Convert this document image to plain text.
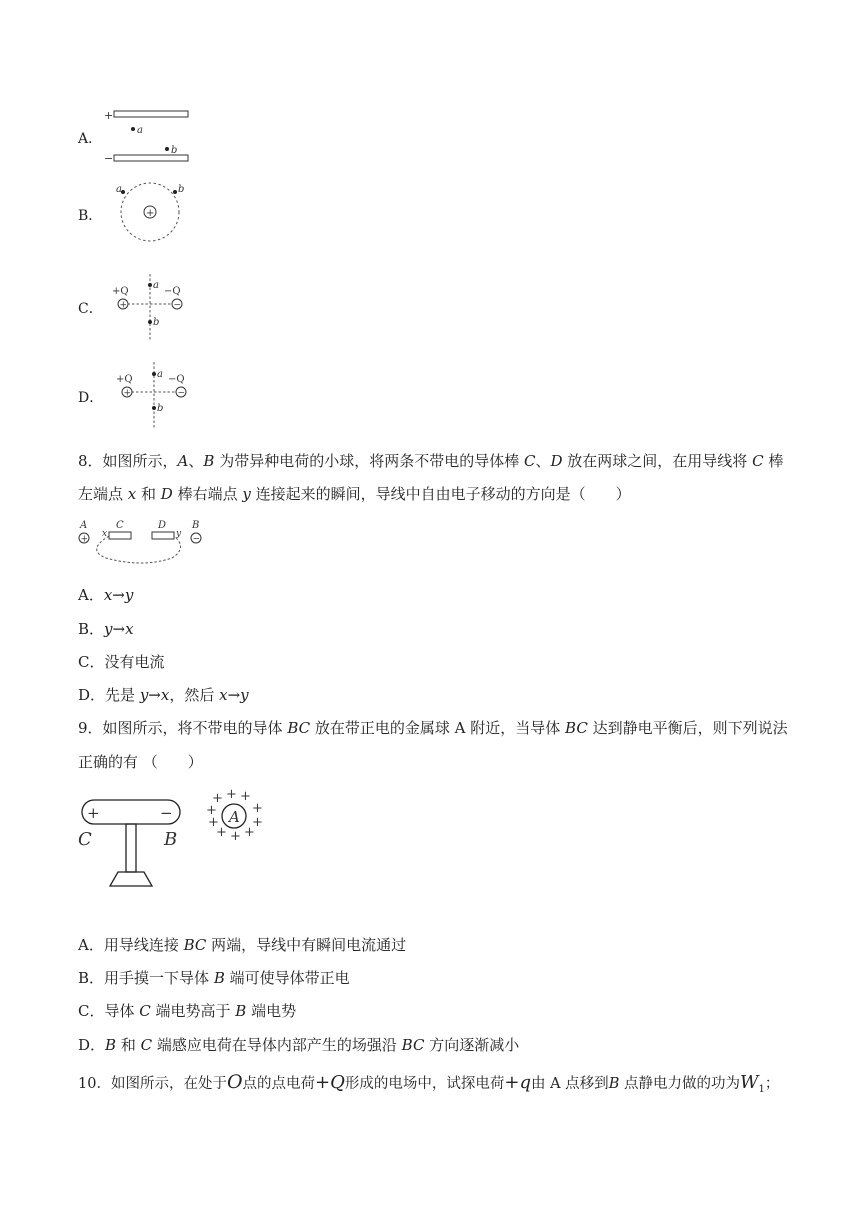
A．
+
a
b
−
B．
a	b
+
C．
+Q	−Q
+	−
a
b
D．
+Q	−Q
+	−
a
b
8．如图所示，A、B 为带异种电荷的小球，将两条不带电的导体棒 C、D 放在两球之间，在用导线将 C 棒
左端点 x 和 D 棒右端点 y 连接起来的瞬间，导线中自由电子移动的方向是（　　）
A
+
x
C	D
y
B
−
A．x→y
B．y→x
C．没有电流
D．先是 y→x，然后 x→y
9．如图所示，将不带电的导体 BC 放在带正电的金属球 A 附近，当导体 BC 达到静电平衡后，则下列说法
正确的有 （　　）
+	−
C	B
A
+ + +
+	+
+	+
+ + +
A．用导线连接 BC 两端，导线中有瞬间电流通过
B．用手摸一下导体 B 端可使导体带正电
C．导体 C 端电势高于 B 端电势
D．B 和 C 端感应电荷在导体内部产生的场强沿 BC 方向逐渐减小
10．如图所示，在处于O点的点电荷+Q形成的电场中，试探电荷+q由 A 点移到B 点静电力做的功为$W_1$；
